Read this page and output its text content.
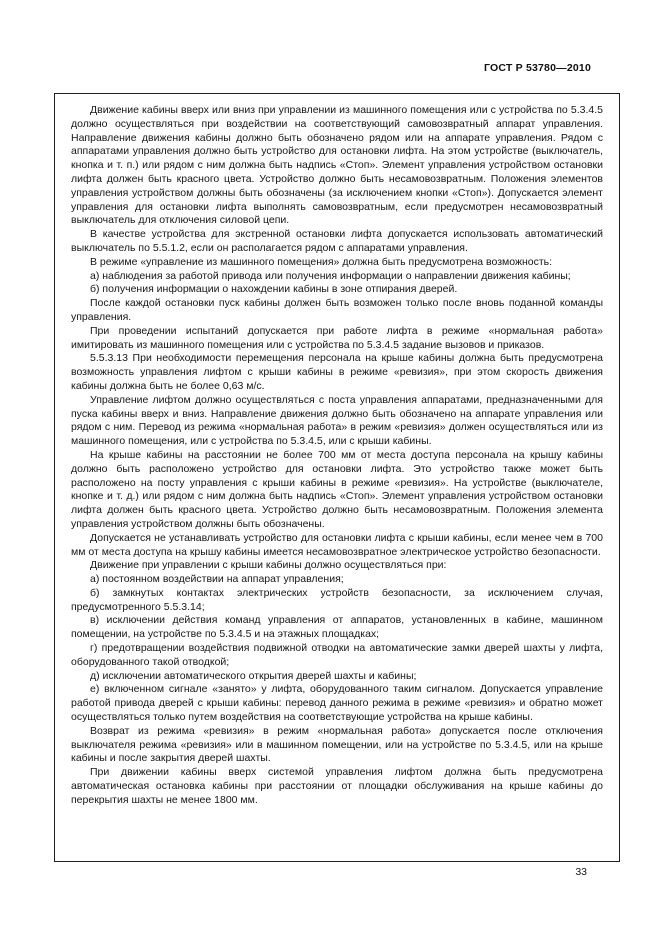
ГОСТ Р 53780—2010

Движение кабины вверх или вниз при управлении из машинного помещения или с устройства по 5.3.4.5 должно осуществляться при воздействии на соответствующий самовозвратный аппарат управления. Направление движения кабины должно быть обозначено рядом или на аппарате управления. Рядом с аппаратами управления должно быть устройство для остановки лифта. На этом устройстве (выключатель, кнопка и т. п.) или рядом с ним должна быть надпись «Стоп». Элемент управления устройством остановки лифта должен быть красного цвета. Устройство должно быть несамовозвратным. Положения элементов управления устройством должны быть обозначены (за исключением кнопки «Стоп»). Допускается элемент управления для остановки лифта выполнять самовозвратным, если предусмотрен несамовозвратный выключатель для отключения силовой цепи.

В качестве устройства для экстренной остановки лифта допускается использовать автоматический выключатель по 5.5.1.2, если он располагается рядом с аппаратами управления.

В режиме «управление из машинного помещения» должна быть предусмотрена возможность:

а) наблюдения за работой привода или получения информации о направлении движения кабины;

б) получения информации о нахождении кабины в зоне отпирания дверей.

После каждой остановки пуск кабины должен быть возможен только после вновь поданной команды управления.

При проведении испытаний допускается при работе лифта в режиме «нормальная работа» имитировать из машинного помещения или с устройства по 5.3.4.5 задание вызовов и приказов.

5.5.3.13 При необходимости перемещения персонала на крыше кабины должна быть предусмотрена возможность управления лифтом с крыши кабины в режиме «ревизия», при этом скорость движения кабины должна быть не более 0,63 м/с.

Управление лифтом должно осуществляться с поста управления аппаратами, предназначенными для пуска кабины вверх и вниз. Направление движения должно быть обозначено на аппарате управления или рядом с ним. Перевод из режима «нормальная работа» в режим «ревизия» должен осуществляться или из машинного помещения, или с устройства по 5.3.4.5, или с крыши кабины.

На крыше кабины на расстоянии не более 700 мм от места доступа персонала на крышу кабины должно быть расположено устройство для остановки лифта. Это устройство также может быть расположено на посту управления с крыши кабины в режиме «ревизия». На устройстве (выключателе, кнопке и т. д.) или рядом с ним должна быть надпись «Стоп». Элемент управления устройством остановки лифта должен быть красного цвета. Устройство должно быть несамовозвратным. Положения элемента управления устройством должны быть обозначены.

Допускается не устанавливать устройство для остановки лифта с крыши кабины, если менее чем в 700 мм от места доступа на крышу кабины имеется несамовозвратное электрическое устройство безопасности.

Движение при управлении с крыши кабины должно осуществляться при:

а) постоянном воздействии на аппарат управления;

б) замкнутых контактах электрических устройств безопасности, за исключением случая, предусмотренного 5.5.3.14;

в) исключении действия команд управления от аппаратов, установленных в кабине, машинном помещении, на устройстве по 5.3.4.5 и на этажных площадках;

г) предотвращении воздействия подвижной отводки на автоматические замки дверей шахты у лифта, оборудованного такой отводкой;

д) исключении автоматического открытия дверей шахты и кабины;

е) включенном сигнале «занято» у лифта, оборудованного таким сигналом. Допускается управление работой привода дверей с крыши кабины: перевод данного режима в режиме «ревизия» и обратно может осуществляться только путем воздействия на соответствующие устройства на крыше кабины.

Возврат из режима «ревизия» в режим «нормальная работа» допускается после отключения выключателя режима «ревизия» или в машинном помещении, или на устройстве по 5.3.4.5, или на крыше кабины и после закрытия дверей шахты.

При движении кабины вверх системой управления лифтом должна быть предусмотрена автоматическая остановка кабины при расстоянии от площадки обслуживания на крыше кабины до перекрытия шахты не менее 1800 мм.

33
